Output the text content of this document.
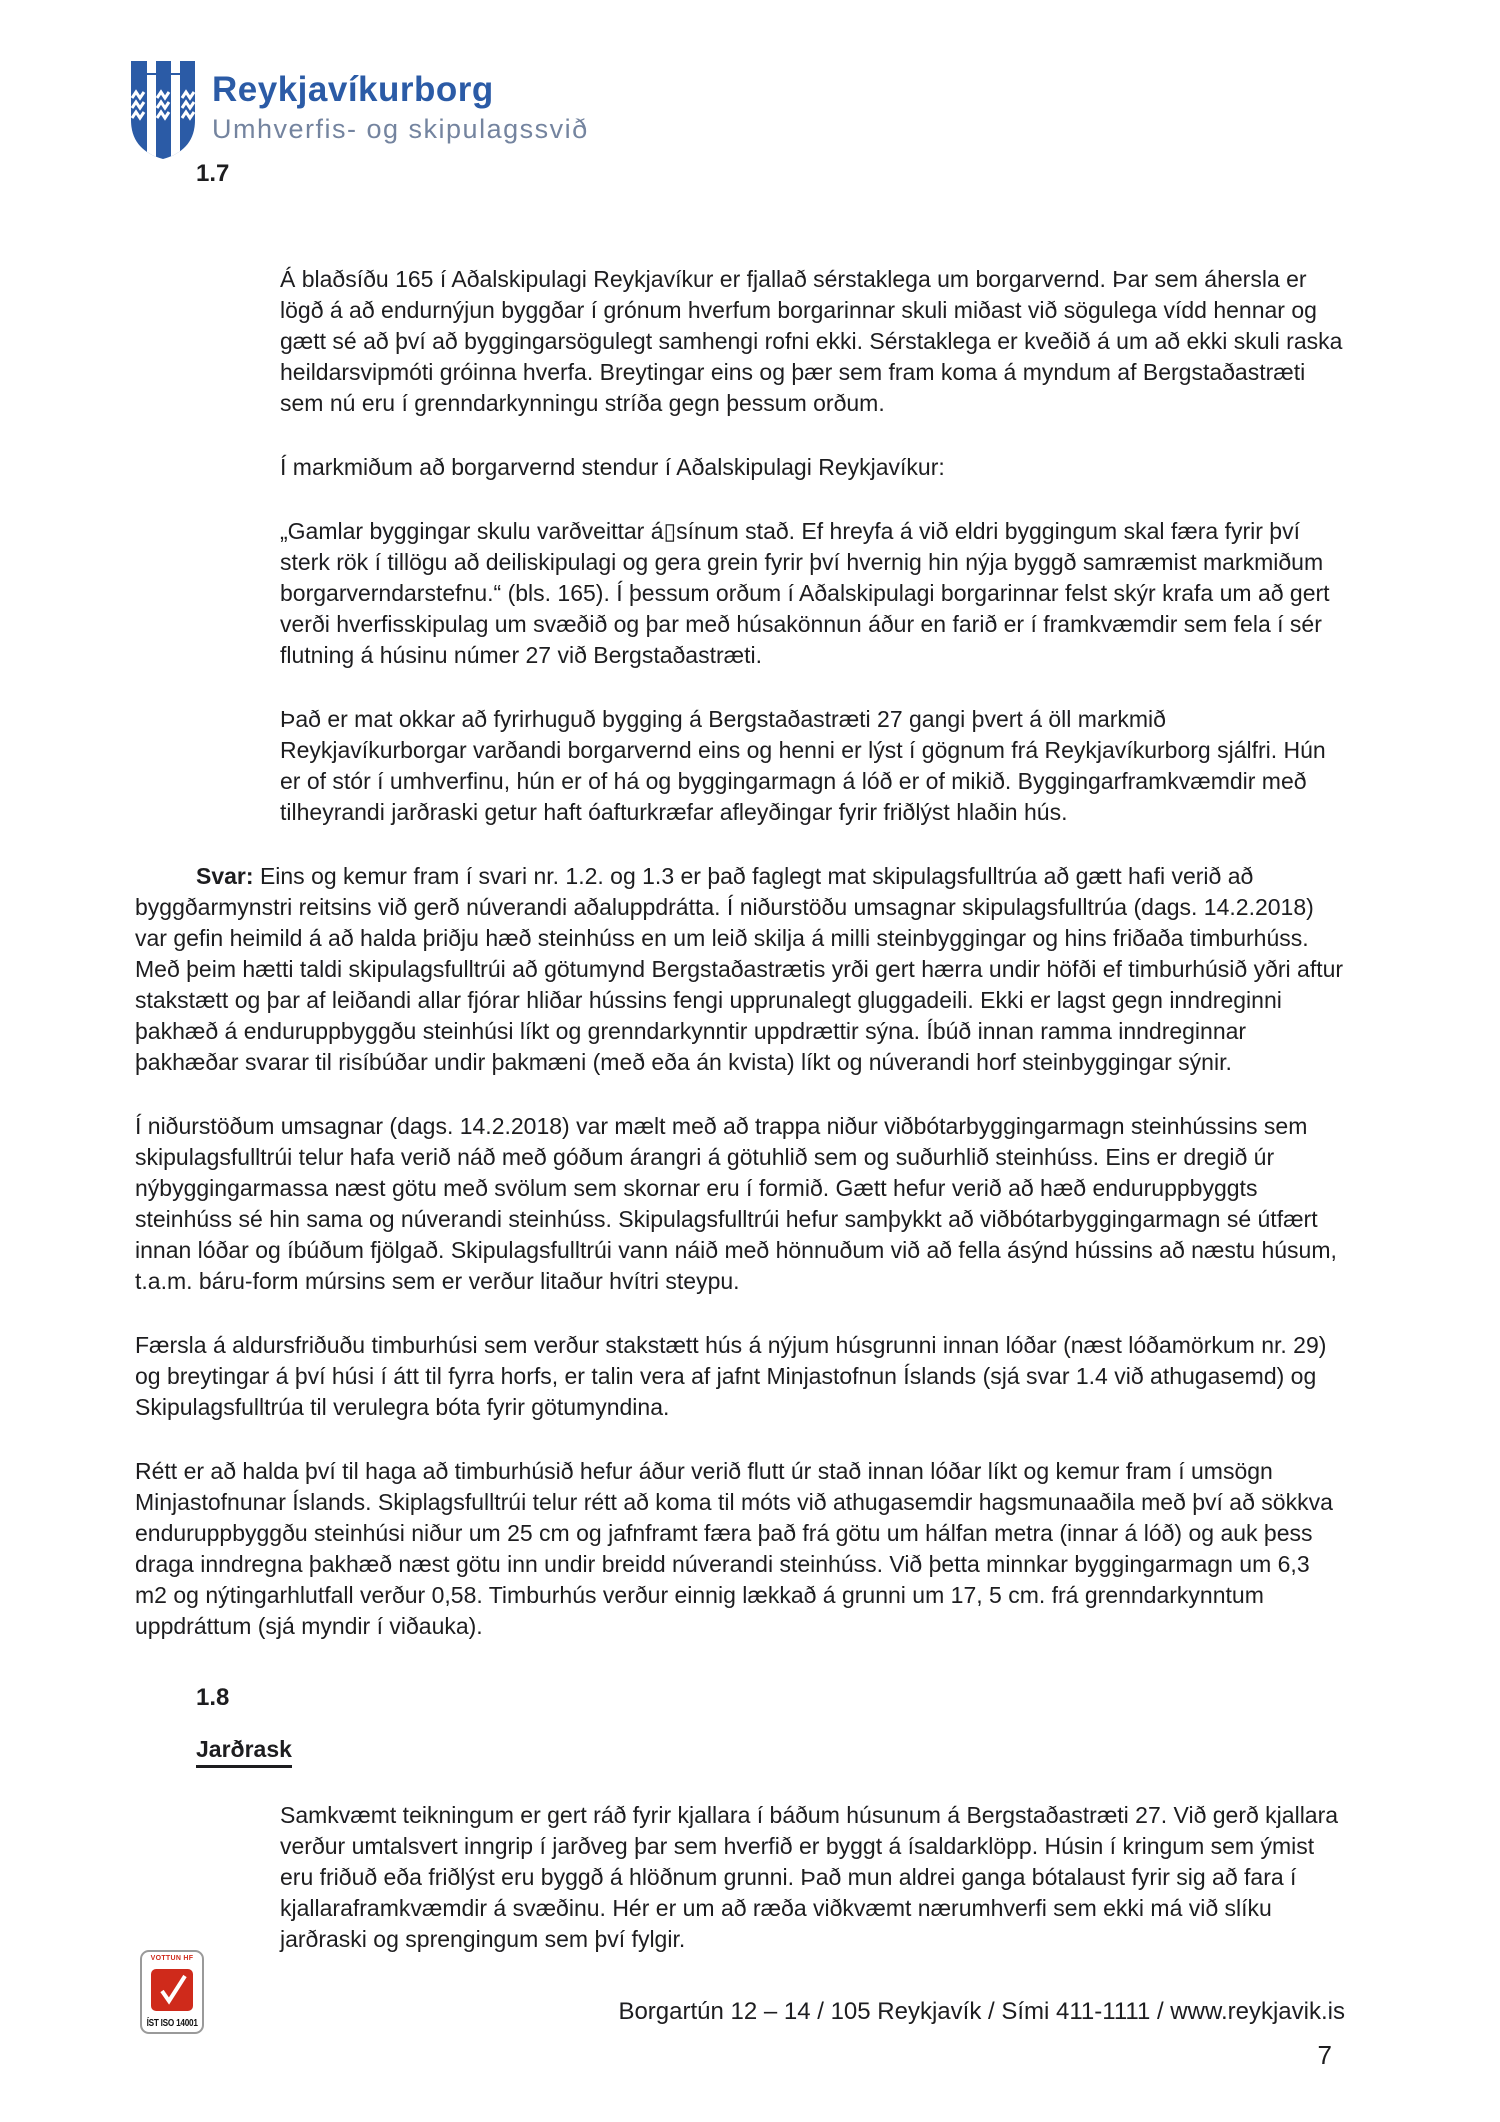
Reykjavíkurborg
Umhverfis- og skipulagssvið
1.7

Á blaðsíðu 165 í Aðalskipulagi Reykjavíkur er fjallað sérstaklega um borgarvernd. Þar sem áhersla er lögð á að endurnýjun byggðar í grónum hverfum borgarinnar skuli miðast við sögulega vídd hennar og gætt sé að því að byggingarsögulegt samhengi rofni ekki. Sérstaklega er kveðið á um að ekki skuli raska heildarsvipmóti gróinna hverfa. Breytingar eins og þær sem fram koma á myndum af Bergstaðastræti sem nú eru í grenndarkynningu stríða gegn þessum orðum.

Í markmiðum að borgarvernd stendur í Aðalskipulagi Reykjavíkur:

„Gamlar byggingar skulu varðveittar á▯sínum stað. Ef hreyfa á við eldri byggingum skal færa fyrir því sterk rök í tillögu að deiliskipulagi og gera grein fyrir því hvernig hin nýja byggð samræmist markmiðum borgarverndarstefnu.“ (bls. 165). Í þessum orðum í Aðalskipulagi borgarinnar felst skýr krafa um að gert verði hverfisskipulag um svæðið og þar með húsakönnun áður en farið er í framkvæmdir sem fela í sér flutning á húsinu númer 27 við Bergstaðastræti.

Það er mat okkar að fyrirhuguð bygging á Bergstaðastræti 27 gangi þvert á öll markmið Reykjavíkurborgar varðandi borgarvernd eins og henni er lýst í gögnum frá Reykjavíkurborg sjálfri. Hún er of stór í umhverfinu, hún er of há og byggingarmagn á lóð er of mikið. Byggingarframkvæmdir með tilheyrandi jarðraski getur haft óafturkræfar afleyðingar fyrir friðlýst hlaðin hús.

Svar: Eins og kemur fram í svari nr. 1.2. og 1.3 er það faglegt mat skipulagsfulltrúa að gætt hafi verið að byggðarmynstri reitsins við gerð núverandi aðaluppdrátta. Í niðurstöðu umsagnar skipulagsfulltrúa (dags. 14.2.2018) var gefin heimild á að halda þriðju hæð steinhúss en um leið skilja á milli steinbyggingar og hins friðaða timburhúss. Með þeim hætti taldi skipulagsfulltrúi að götumynd Bergstaðastrætis yrði gert hærra undir höfði ef timburhúsið yðri aftur stakstætt og þar af leiðandi allar fjórar hliðar hússins fengi upprunalegt gluggadeili. Ekki er lagst gegn inndreginni þakhæð á enduruppbyggðu steinhúsi líkt og grenndarkynntir uppdrættir sýna. Íbúð innan ramma inndreginnar þakhæðar svarar til risíbúðar undir þakmæni (með eða án kvista) líkt og núverandi horf steinbyggingar sýnir.

Í niðurstöðum umsagnar (dags. 14.2.2018) var mælt með að trappa niður viðbótarbyggingarmagn steinhússins sem skipulagsfulltrúi telur hafa verið náð með góðum árangri á götuhlið sem og suðurhlið steinhúss. Eins er dregið úr nýbyggingarmassa næst götu með svölum sem skornar eru í formið. Gætt hefur verið að hæð enduruppbyggts steinhúss sé hin sama og núverandi steinhúss. Skipulagsfulltrúi hefur samþykkt að viðbótarbyggingarmagn sé útfært innan lóðar og íbúðum fjölgað. Skipulagsfulltrúi vann náið með hönnuðum við að fella ásýnd hússins að næstu húsum, t.a.m. báru-form múrsins sem er verður litaður hvítri steypu.

Færsla á aldursfriðuðu timburhúsi sem verður stakstætt hús á nýjum húsgrunni innan lóðar (næst lóðamörkum nr. 29) og breytingar á því húsi í átt til fyrra horfs, er talin vera af jafnt Minjastofnun Íslands (sjá svar 1.4 við athugasemd) og Skipulagsfulltrúa til verulegra bóta fyrir götumyndina.

Rétt er að halda því til haga að timburhúsið hefur áður verið flutt úr stað innan lóðar líkt og kemur fram í umsögn Minjastofnunar Íslands. Skiplagsfulltrúi telur rétt að koma til móts við athugasemdir hagsmunaaðila með því að sökkva enduruppbyggðu steinhúsi niður um 25 cm og jafnframt færa það frá götu um hálfan metra (innar á lóð) og auk þess draga inndregna þakhæð næst götu inn undir breidd núverandi steinhúss. Við þetta minnkar byggingarmagn um 6,3 m2 og nýtingarhlutfall verður 0,58. Timburhús verður einnig lækkað á grunni um 17, 5 cm. frá grenndarkynntum uppdráttum (sjá myndir í viðauka).

1.8
Jarðrask

Samkvæmt teikningum er gert ráð fyrir kjallara í báðum húsunum á Bergstaðastræti 27. Við gerð kjallara verður umtalsvert inngrip í jarðveg þar sem hverfið er byggt á ísaldarklöpp. Húsin í kringum sem ýmist eru friðuð eða friðlýst eru byggð á hlöðnum grunni. Það mun aldrei ganga bótalaust fyrir sig að fara í kjallaraframkvæmdir á svæðinu. Hér er um að ræða viðkvæmt nærumhverfi sem ekki má við slíku jarðraski og sprengingum sem því fylgir.

VOTTUN HF
ÍST ISO 14001	Borgartún 12 – 14 / 105 Reykjavík / Sími 411-1111 / www.reykjavik.is
7
